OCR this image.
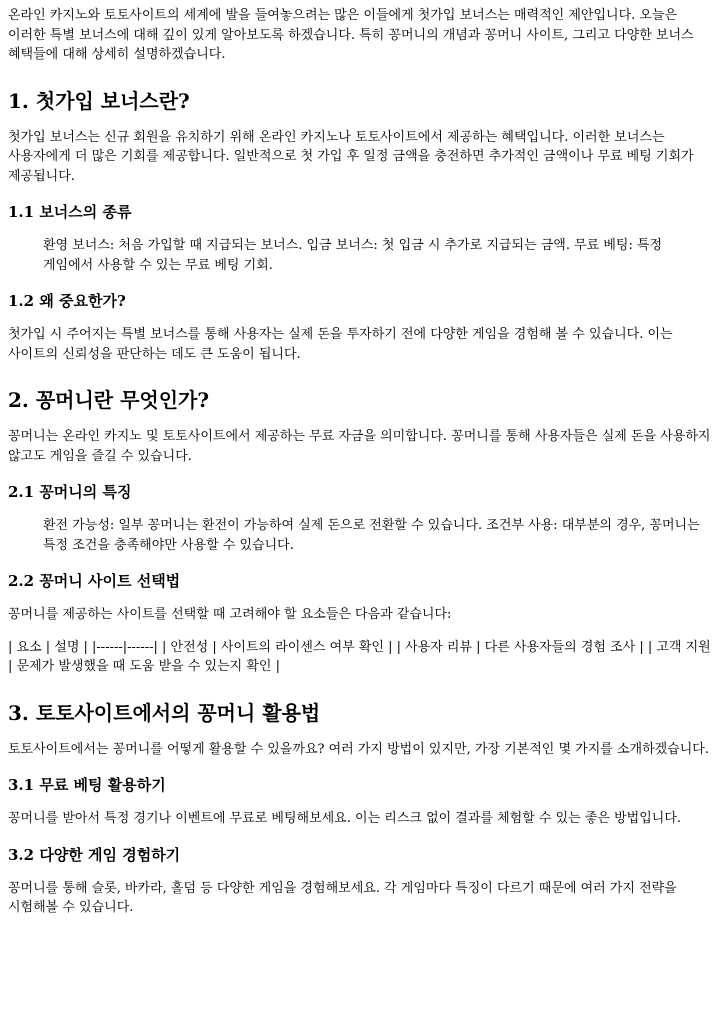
온라인 카지노와 토토사이트의 세계에 발을 들여놓으려는 많은 이들에게 첫가입 보너스는 매력적인 제안입니다. 오늘은 이러한 특별 보너스에 대해 깊이 있게 알아보도록 하겠습니다. 특히 꽁머니의 개념과 꽁머니 사이트, 그리고 다양한 보너스 혜택들에 대해 상세히 설명하겠습니다.

1. 첫가입 보너스란?

첫가입 보너스는 신규 회원을 유치하기 위해 온라인 카지노나 토토사이트에서 제공하는 혜택입니다. 이러한 보너스는 사용자에게 더 많은 기회를 제공합니다. 일반적으로 첫 가입 후 일정 금액을 충전하면 추가적인 금액이나 무료 베팅 기회가 제공됩니다.

1.1 보너스의 종류

환영 보너스: 처음 가입할 때 지급되는 보너스. 입금 보너스: 첫 입금 시 추가로 지급되는 금액. 무료 베팅: 특정 게임에서 사용할 수 있는 무료 베팅 기회.

1.2 왜 중요한가?

첫가입 시 주어지는 특별 보너스를 통해 사용자는 실제 돈을 투자하기 전에 다양한 게임을 경험해 볼 수 있습니다. 이는 사이트의 신뢰성을 판단하는 데도 큰 도움이 됩니다.

2. 꽁머니란 무엇인가?

꽁머니는 온라인 카지노 및 토토사이트에서 제공하는 무료 자금을 의미합니다. 꽁머니를 통해 사용자들은 실제 돈을 사용하지 않고도 게임을 즐길 수 있습니다.

2.1 꽁머니의 특징

환전 가능성: 일부 꽁머니는 환전이 가능하여 실제 돈으로 전환할 수 있습니다. 조건부 사용: 대부분의 경우, 꽁머니는 특정 조건을 충족해야만 사용할 수 있습니다.

2.2 꽁머니 사이트 선택법

꽁머니를 제공하는 사이트를 선택할 때 고려해야 할 요소들은 다음과 같습니다:

| 요소 | 설명 | |------|------| | 안전성 | 사이트의 라이센스 여부 확인 | | 사용자 리뷰 | 다른 사용자들의 경험 조사 | | 고객 지원 | 문제가 발생했을 때 도움 받을 수 있는지 확인 |

3. 토토사이트에서의 꽁머니 활용법

토토사이트에서는 꽁머니를 어떻게 활용할 수 있을까요? 여러 가지 방법이 있지만, 가장 기본적인 몇 가지를 소개하겠습니다.

3.1 무료 베팅 활용하기

꽁머니를 받아서 특정 경기나 이벤트에 무료로 베팅해보세요. 이는 리스크 없이 결과를 체험할 수 있는 좋은 방법입니다.

3.2 다양한 게임 경험하기

꽁머니를 통해 슬롯, 바카라, 홀덤 등 다양한 게임을 경험해보세요. 각 게임마다 특징이 다르기 때문에 여러 가지 전략을 시험해볼 수 있습니다.
